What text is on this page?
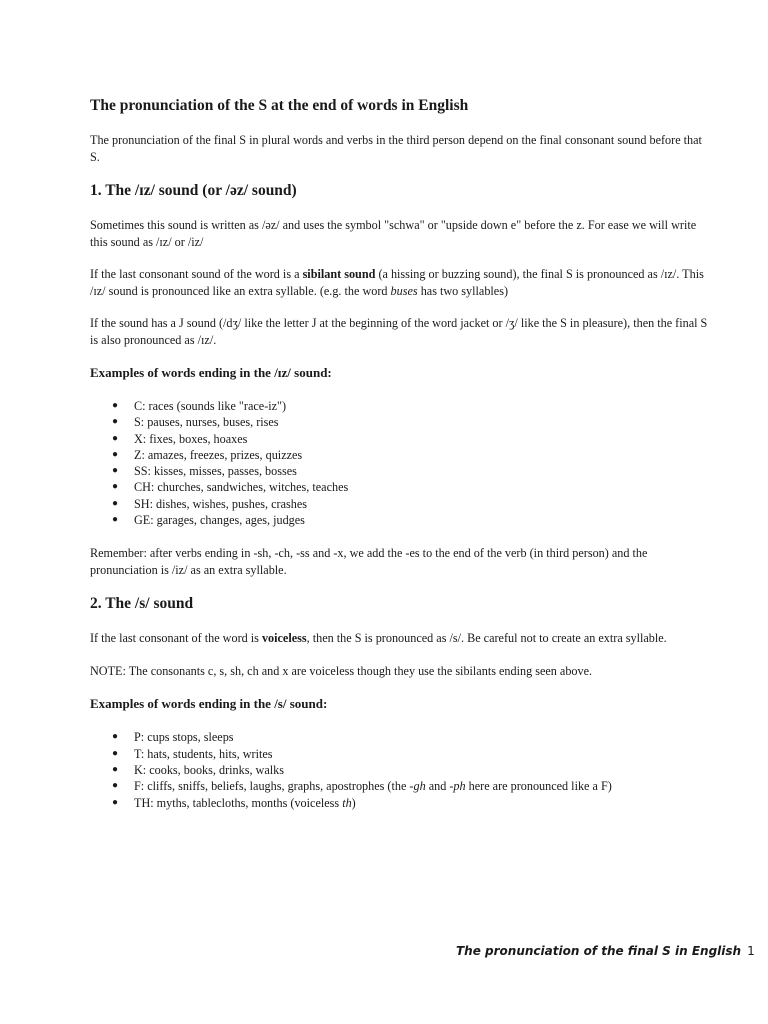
The pronunciation of the S at the end of words in English

The pronunciation of the final S in plural words and verbs in the third person depend on the final consonant sound before that S.

1. The /ɪz/ sound (or /əz/ sound)

Sometimes this sound is written as /əz/ and uses the symbol "schwa" or "upside down e" before the z. For ease we will write this sound as /ɪz/ or /iz/

If the last consonant sound of the word is a sibilant sound (a hissing or buzzing sound), the final S is pronounced as /ɪz/. This /ɪz/ sound is pronounced like an extra syllable. (e.g. the word buses has two syllables)

If the sound has a J sound (/dʒ/ like the letter J at the beginning of the word jacket or /ʒ/ like the S in pleasure), then the final S is also pronounced as /ɪz/.

Examples of words ending in the /ɪz/ sound:
● C: races (sounds like "race-iz")
● S: pauses, nurses, buses, rises
● X: fixes, boxes, hoaxes
● Z: amazes, freezes, prizes, quizzes
● SS: kisses, misses, passes, bosses
● CH: churches, sandwiches, witches, teaches
● SH: dishes, wishes, pushes, crashes
● GE: garages, changes, ages, judges

Remember: after verbs ending in -sh, -ch, -ss and -x, we add the -es to the end of the verb (in third person) and the pronunciation is /iz/ as an extra syllable.

2. The /s/ sound

If the last consonant of the word is voiceless, then the S is pronounced as /s/. Be careful not to create an extra syllable.

NOTE: The consonants c, s, sh, ch and x are voiceless though they use the sibilants ending seen above.

Examples of words ending in the /s/ sound:
● P: cups stops, sleeps
● T: hats, students, hits, writes
● K: cooks, books, drinks, walks
● F: cliffs, sniffs, beliefs, laughs, graphs, apostrophes (the -gh and -ph here are pronounced like a F)
● TH: myths, tablecloths, months (voiceless th)
The pronunciation of the final S in English 1
